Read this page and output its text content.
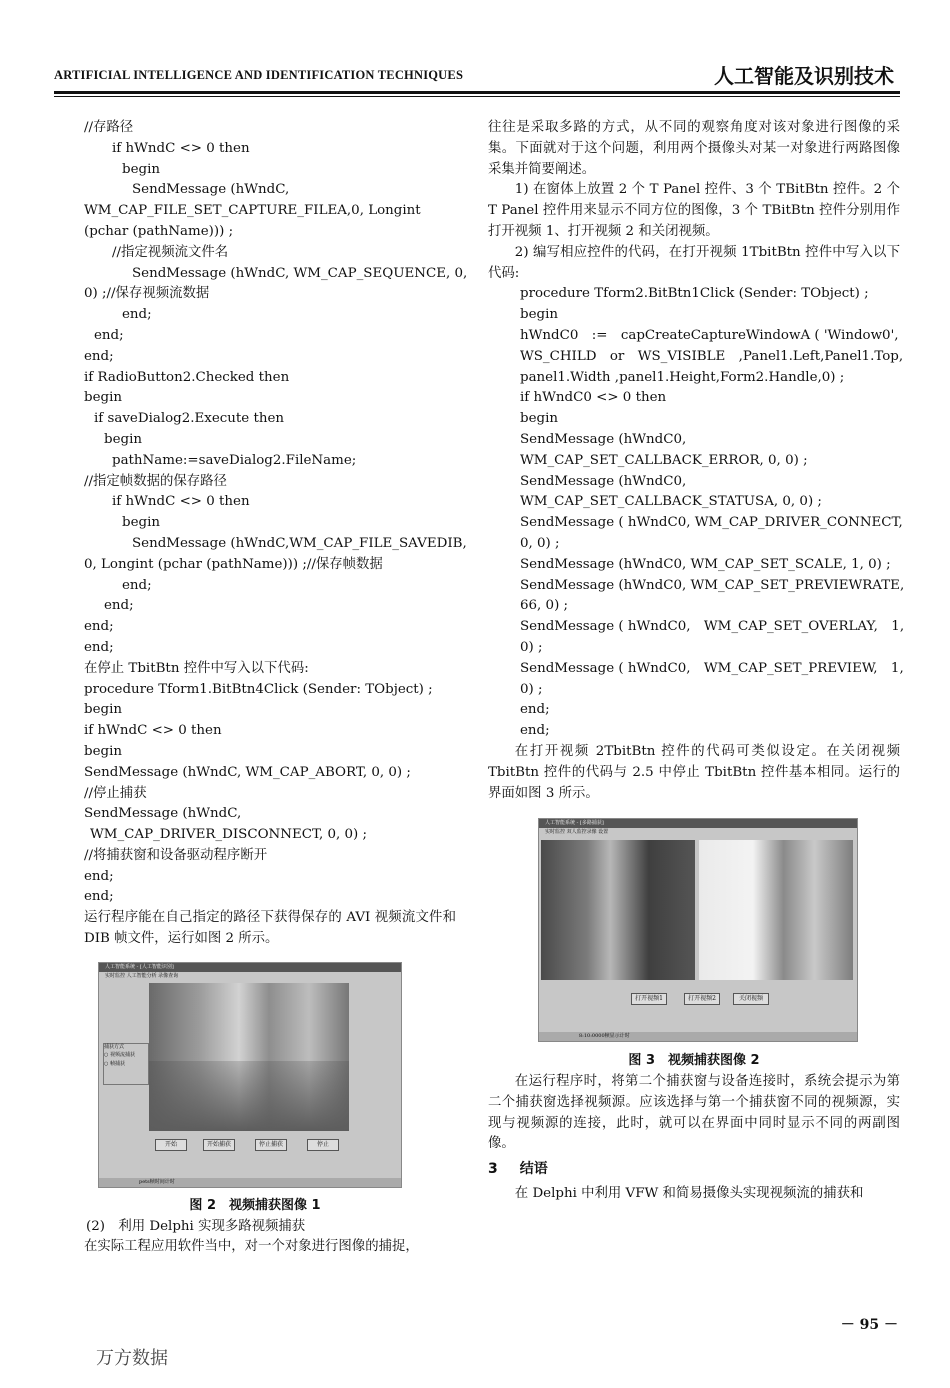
ARTIFICIAL INTELLIGENCE AND IDENTIFICATION TECHNIQUES	人工智能及识别技术
//存路径
if hWndC <> 0 then
begin
SendMessage (hWndC,
WM_CAP_FILE_SET_CAPTURE_FILEA,0, Longint
(pchar (pathName))) ;
//指定视频流文件名
SendMessage (hWndC, WM_CAP_SEQUENCE, 0,
0) ;//保存视频流数据
end;
end;
end;
if RadioButton2.Checked then
begin
if saveDialog2.Execute then
begin
pathName:=saveDialog2.FileName;
//指定帧数据的保存路径
if hWndC <> 0 then
begin
SendMessage (hWndC,WM_CAP_FILE_SAVEDIB,
0, Longint (pchar (pathName))) ;//保存帧数据
end;
end;
end;
end;
在停止 TbitBtn 控件中写入以下代码:
procedure Tform1.BitBtn4Click (Sender: TObject) ;
begin
if hWndC <> 0 then
begin
SendMessage (hWndC, WM_CAP_ABORT, 0, 0) ;
//停止捕获
SendMessage (hWndC,
WM_CAP_DRIVER_DISCONNECT, 0, 0) ;
//将捕获窗和设备驱动程序断开
end;
end;
运行程序能在自己指定的路径下获得保存的 AVI 视频流文件和 DIB 帧文件，运行如图 2 所示。
人工智能系统 - [人工智能识别]
实时监控 人工智能分析 录像查询
捕获方式
○ 视频流捕获
○ 帧捕获
开始	开始捕获	停止捕获	停止
pets帧时间计时
图 2　视频捕获图像 1
(2)　利用 Delphi 实现多路视频捕获
在实际工程应用软件当中，对一个对象进行图像的捕捉，
往往是采取多路的方式，从不同的观察角度对该对象进行图像的采集。下面就对于这个问题，利用两个摄像头对某一对象进行两路图像采集并简要阐述。
1) 在窗体上放置 2 个 T Panel 控件、3 个 TBitBtn 控件。2 个 T Panel 控件用来显示不同方位的图像，3 个 TBitBtn 控件分别用作打开视频 1、打开视频 2 和关闭视频。
2) 编写相应控件的代码，在打开视频 1TbitBtn 控件中写入以下代码:
procedure Tform2.BitBtn1Click (Sender: TObject) ;
begin
hWndC0　:=　capCreateCaptureWindowA ( 'Window0',
WS_CHILD　or　WS_VISIBLE　,Panel1.Left,Panel1.Top,
panel1.Width ,panel1.Height,Form2.Handle,0) ;
if hWndC0 <> 0 then
begin
SendMessage (hWndC0,
WM_CAP_SET_CALLBACK_ERROR, 0, 0) ;
SendMessage (hWndC0,
WM_CAP_SET_CALLBACK_STATUSA, 0, 0) ;
SendMessage ( hWndC0, WM_CAP_DRIVER_CONNECT,
0, 0) ;
SendMessage (hWndC0, WM_CAP_SET_SCALE, 1, 0) ;
SendMessage (hWndC0, WM_CAP_SET_PREVIEWRATE,
66, 0) ;
SendMessage ( hWndC0,　WM_CAP_SET_OVERLAY,　1,
0) ;
SendMessage ( hWndC0,　WM_CAP_SET_PREVIEW,　1,
0) ;
end;
end;
在打开视频 2TbitBtn 控件的代码可类似设定。在关闭视频 TbitBtn 控件的代码与 2.5 中停止 TbitBtn 控件基本相同。运行的界面如图 3 所示。
人工智能系统 - [多路捕获]
实时监控 双人监控录像 设置
打开视频1	打开视频2	关闭视频
8:10:0000帧显示计时
图 3　视频捕获图像 2
在运行程序时，将第二个捕获窗与设备连接时，系统会提示为第二个捕获窗选择视频源。应该选择与第一个捕获窗不同的视频源，实现与视频源的连接，此时，就可以在界面中同时显示不同的两副图像。
3 结语
在 Delphi 中利用 VFW 和简易摄像头实现视频流的捕获和
－ 95 －
万方数据
